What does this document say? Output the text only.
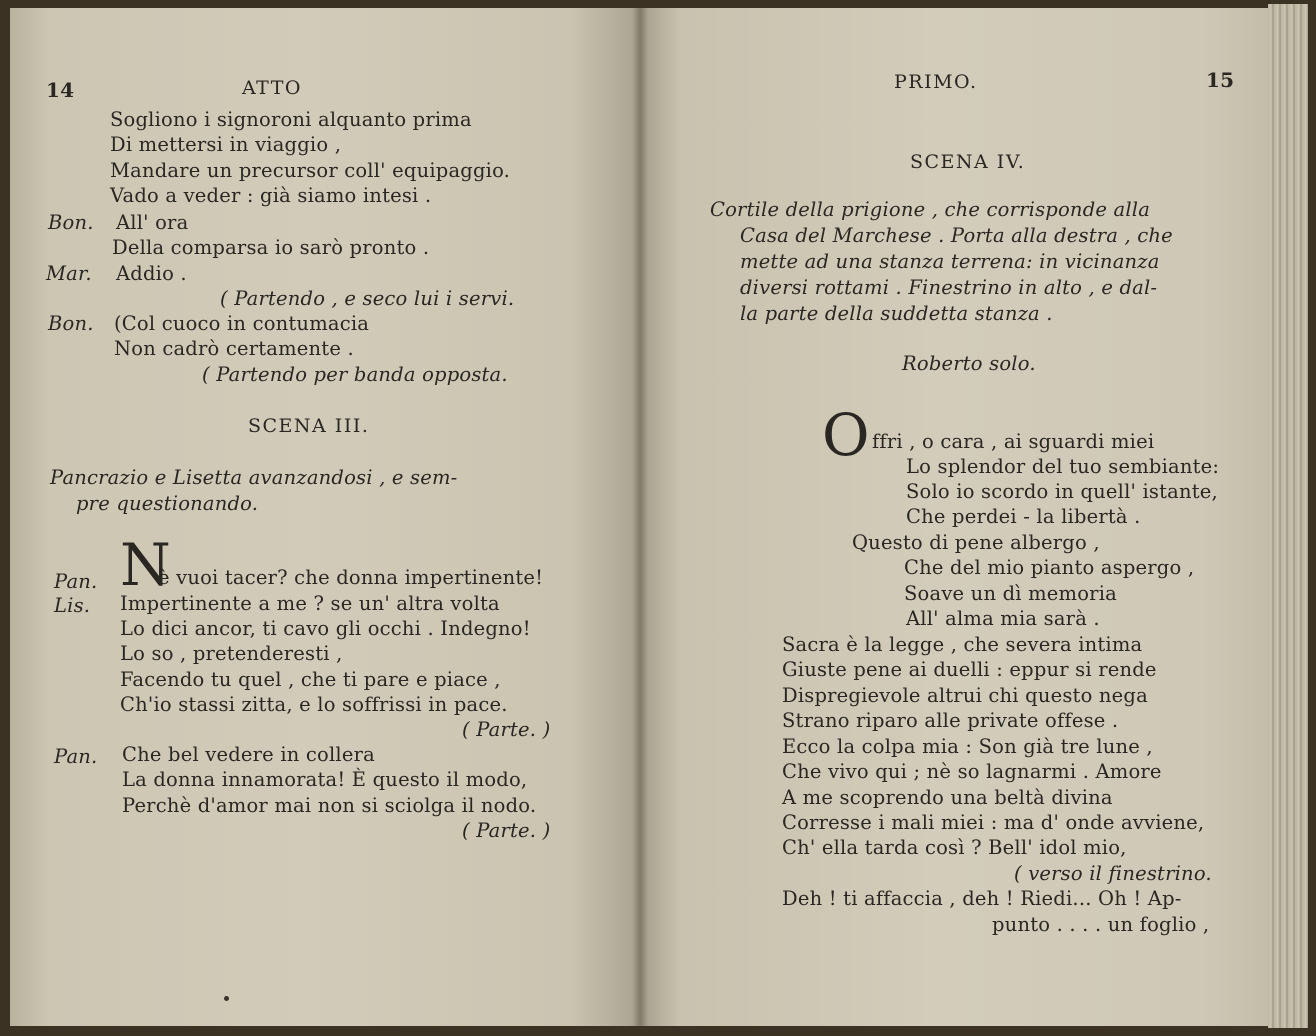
14	ATTO
Sogliono i signoroni alquanto prima
Di mettersi in viaggio ,
Mandare un precursor coll' equipaggio.
Vado a veder : già siamo intesi .
Bon. All' ora
Della comparsa io sarò pronto .
Mar. Addio .
( Partendo , e seco lui i servi.
Bon. (Col cuoco in contumacia
Non cadrò certamente .
( Partendo per banda opposta.
SCENA III.
Pancrazio e Lisetta avanzandosi , e sem-
pre questionando.
Pan. N
è vuoi tacer? che donna impertinente!
Lis. Impertinente a me ? se un' altra volta
Lo dici ancor, ti cavo gli occhi . Indegno!
Lo so , pretenderesti ,
Facendo tu quel , che ti pare e piace ,
Ch'io stassi zitta, e lo soffrissi in pace.
( Parte. )
Pan. Che bel vedere in collera
La donna innamorata! È questo il modo,
Perchè d'amor mai non si sciolga il nodo.
( Parte. )
PRIMO.	15
SCENA IV.
Cortile della prigione , che corrisponde alla
Casa del Marchese . Porta alla destra , che
mette ad una stanza terrena: in vicinanza
diversi rottami . Finestrino in alto , e dal-
la parte della suddetta stanza .
Roberto solo.
O ffri , o cara , ai sguardi miei
Lo splendor del tuo sembiante:
Solo io scordo in quell' istante,
Che perdei - la libertà .
Questo di pene albergo ,
Che del mio pianto aspergo ,
Soave un dì memoria
All' alma mia sarà .
Sacra è la legge , che severa intima
Giuste pene ai duelli : eppur si rende
Dispregievole altrui chi questo nega
Strano riparo alle private offese .
Ecco la colpa mia : Son già tre lune ,
Che vivo qui ; nè so lagnarmi . Amore
A me scoprendo una beltà divina
Corresse i mali miei : ma d' onde avviene,
Ch' ella tarda così ? Bell' idol mio,
( verso il finestrino.
Deh ! ti affaccia , deh ! Riedi... Oh ! Ap-
punto . . . . un foglio ,
